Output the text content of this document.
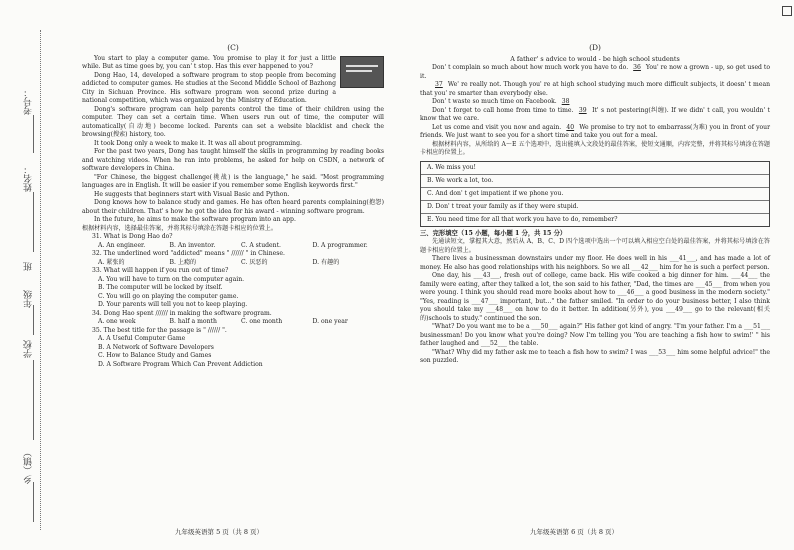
考号：
姓名：
班
年级
学校
乡（镇）
(C)

You start to play a computer game. You promise to play it for just a little while. But as time goes by, you can' t stop. Has this ever happened to you?

Dong Hao, 14, developed a software program to stop people from becoming addicted to computer games. He studies at the Second Middle School of Bazhong City in Sichuan Province. His software program won second prize during a national competition, which was organized by the Ministry of Education.

Dong's software program can help parents control the time of their children using the computer. They can set a certain time. When users run out of time, the computer will automatically(自动地) become locked. Parents can set a website blacklist and check the browsing(搜索) history, too.

It took Dong only a week to make it. It was all about programming.

For the past two years, Dong has taught himself the skills in programming by reading books and watching videos. When he ran into problems, he asked for help on CSDN, a network of software developers in China.

"For Chinese, the biggest challenge(挑战) is the language," he said. "Most programming languages are in English. It will be easier if you remember some English keywords first."

He suggests that beginners start with Visual Basic and Python.

Dong knows how to balance study and games. He has often heard parents complaining(抱怨) about their children. That' s how he got the idea for his award - winning software program.

In the future, he aims to make the software program into an app.

根据材料内容，选择最佳答案，并将其标号填涂在答题卡相应的位置上。

31. What is Dong Hao do?
A. An engineer.	B. An inventor.	C. A student.	D. A programmer.
32. The underlined word "addicted" means " ////// " in Chinese.
A. 紧张的	B. 上瘾的	C. 厌恶的	D. 有趣的
33. What will happen if you run out of time?
A. You will have to turn on the computer again.
B. The computer will be locked by itself.
C. You will go on playing the computer game.
D. Your parents will tell you not to keep playing.
34. Dong Hao spent ////// in making the software program.
A. one week	B. half a month	C. one month	D. one year
35. The best title for the passage is " ////// ".
A. A Useful Computer Game
B. A Network of Software Developers
C. How to Balance Study and Games
D. A Software Program Which Can Prevent Addiction
(D)
A father' s advice to would - be high school students

Don' t complain so much about how much work you have to do. 36 You' re now a grown - up, so get used to it.

37 We' re really not. Though you' re at high school studying much more difficult subjects, it doesn' t mean that you' re smarter than everybody else.

Don' t waste so much time on Facebook. 38

Don' t forget to call home from time to time. 39 It' s not pestering(纠缠). If we didn' t call, you wouldn' t know that we care.

Let us come and visit you now and again. 40 We promise to try not to embarrass(为难) you in front of your friends. We just want to see you for a short time and take you out for a meal.

根据材料内容，从所给的 A～E 五个选项中，选出能填入文段处的最佳答案，使短文通顺，内容完整，并将其标号填涂在答题卡相应的位置上。

A. We miss you!
B. We work a lot, too.
C. And don' t get impatient if we phone you.
D. Don' t treat your family as if they were stupid.
E. You need time for all that work you have to do, remember?
三、完形填空（15 小题，每小题 1 分，共 15 分）

先通读短文，掌握其大意，然后从 A、B、C、D 四个选项中选出一个可以填入相应空白处的最佳答案，并将其标号填涂在答题卡相应的位置上。

There lives a businessman downstairs under my floor. He does well in his ___41___, and has made a lot of money. He also has good relationships with his neighbors. So we all ___42___ him for he is such a perfect person.

One day, his ___43___, fresh out of college, came back. His wife cooked a big dinner for him. ___44___ the family were eating, after they talked a lot, the son said to his father, "Dad, the times are ___45___ from when you were young. I think you should read more books about how to ___46___ a good business in the modern society." "Yes, reading is ___47___ important, but..." the father smiled. "In order to do your business better, I also think you should take my ___48___ on how to do it better. In addition(另外), you ___49___ go to the relevant(相关的)schools to study." continued the son.

"What? Do you want me to be a ___50___ again?" His father got kind of angry. "I'm your father. I'm a ___51___ businessman! Do you know what you're doing? Now I'm telling you 'You are teaching a fish how to swim!' " his father laughed and ___52___ the table.

"What? Why did my father ask me to teach a fish how to swim? I was ___53___ him some helpful advice!" the son puzzled.

九年级英语第 5 页（共 8 页）	九年级英语第 6 页（共 8 页）
